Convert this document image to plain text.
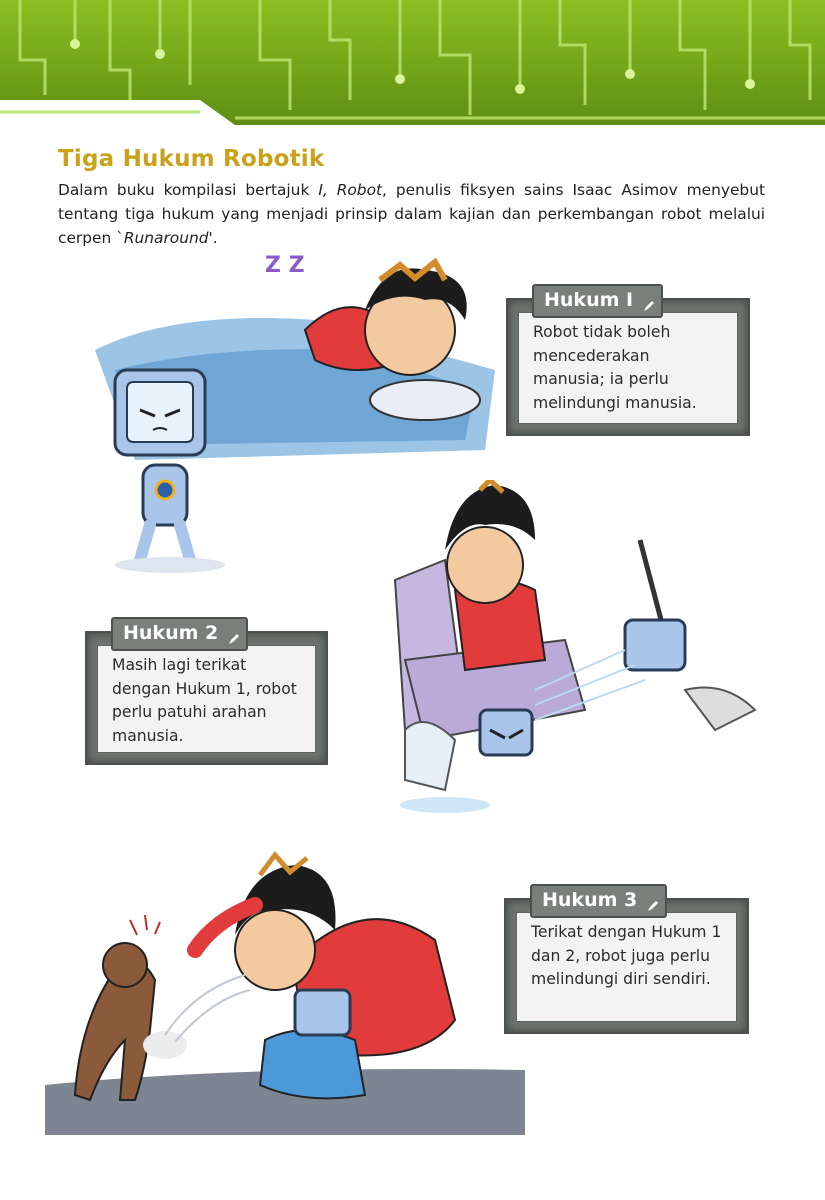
Tiga Hukum Robotik

Dalam buku kompilasi bertajuk I, Robot, penulis fiksyen sains Isaac Asimov menyebut tentang tiga hukum yang menjadi prinsip dalam kajian dan perkembangan robot melalui cerpen `Runaround'.

Z Z

Robot tidak boleh mencederakan manusia; ia perlu melindungi manusia.

Hukum I

Masih lagi terikat dengan Hukum 1, robot perlu patuhi arahan manusia.

Hukum 2

Terikat dengan Hukum 1 dan 2, robot juga perlu melindungi diri sendiri.

Hukum 3
